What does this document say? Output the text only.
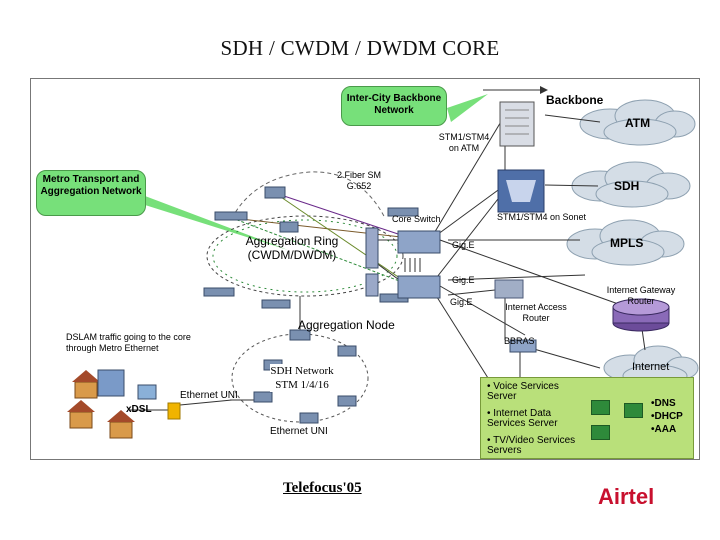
SDH / CWDM / DWDM CORE
Inter-City Backbone Network
Metro Transport and Aggregation Network
Backbone
ATM
STM1/STM4 on ATM
2 Fiber SM G.652	SDH
Core Switch	STM1/STM4 on Sonet
Aggregation Ring (CWDM/DWDM)
Gig.E	MPLS
Gig.E
Internet Gateway Router
Gig.E	Internet Access Router
Aggregation Node
DSLAM traffic going to the core through Metro Ethernet
BBRAS
SDH Network STM 1/4/16
Ethernet UNI
xDSL
Ethernet UNI
Internet
• Voice Services Server
• Internet Data Services Server
• TV/Video Services Servers
•DNS
•DHCP
•AAA
Telefocus'05	Airtel
